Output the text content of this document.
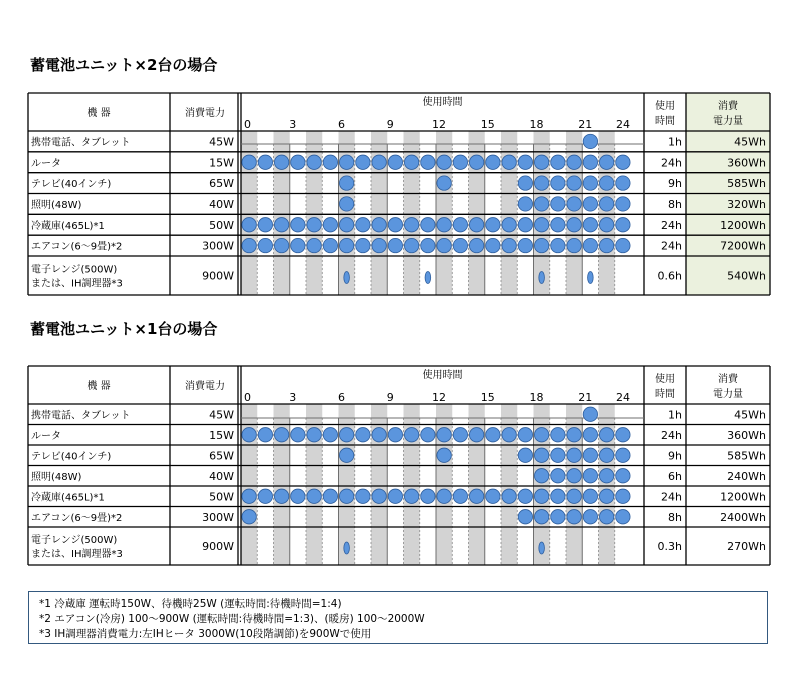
蓄電池ユニット×2台の場合
蓄電池ユニット×1台の場合
機 器	消費電力
使用時間	使用
時間
消費
電力量
0	3	6	9	12	15	18	21 24
携帯電話、タブレット	45W	1h	45Wh
ルータ	15W	24h	360Wh
テレビ(40インチ)	65W	9h	585Wh
照明(48W)	40W	8h	320Wh
冷蔵庫(465L)*1	50W	24h	1200Wh
エアコン(6～9畳)*2	300W	24h	7200Wh
電子レンジ(500W)
または、IH調理器*3
900W	0.6h	540Wh
機 器	消費電力
使用時間	使用
時間
消費
電力量
0	3	6	9	12	15	18	21 24
携帯電話、タブレット	45W	1h	45Wh
ルータ	15W	24h	360Wh
テレビ(40インチ)	65W	9h	585Wh
照明(48W)	40W	6h	240Wh
冷蔵庫(465L)*1	50W	24h	1200Wh
エアコン(6～9畳)*2	300W	8h	2400Wh
電子レンジ(500W)
または、IH調理器*3
900W	0.3h	270Wh
*1 冷蔵庫 運転時150W、待機時25W (運転時間:待機時間=1:4)
*2 エアコン(冷房) 100～900W (運転時間:待機時間=1:3)、(暖房) 100～2000W
*3 IH調理器消費電力:左IHヒータ 3000W(10段階調節)を900Wで使用
